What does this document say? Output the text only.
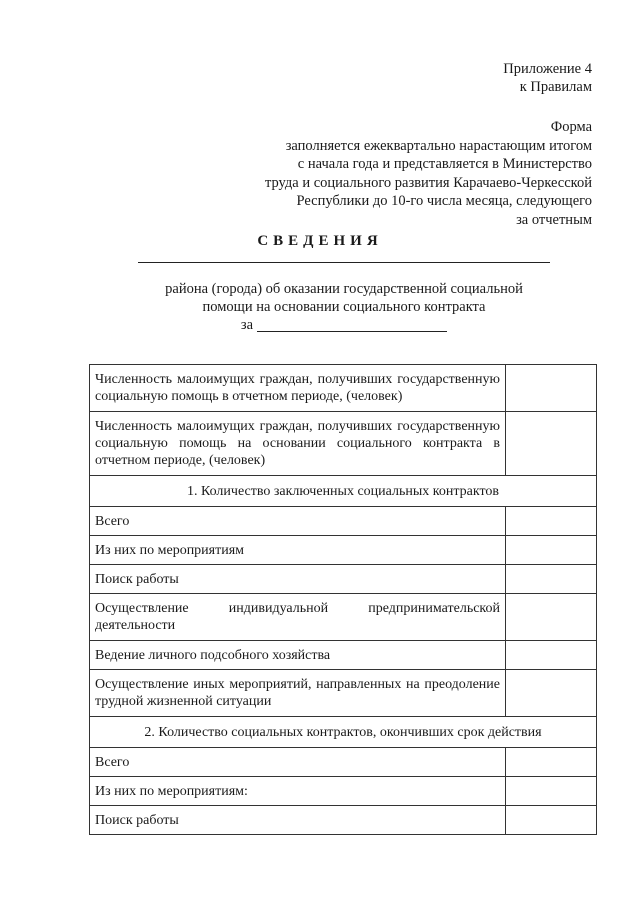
Приложение 4
к Правилам
Форма
заполняется ежеквартально нарастающим итогом
с начала года и представляется в Министерство
труда и социального развития Карачаево-Черкесской
Республики до 10-го числа месяца, следующего
за отчетным
СВЕДЕНИЯ
района (города) об оказании государственной социальной
помощи на основании социального контракта
за
Численность малоимущих граждан, получивших государственную социальную помощь в отчетном периоде, (человек)	
Численность малоимущих граждан, получивших государственную социальную помощь на основании социального контракта в отчетном периоде, (человек)	
1. Количество заключенных социальных контрактов	
Всего	
Из них по мероприятиям	
Поиск работы	
Осуществление индивидуальной предпринимательской деятельности	
Ведение личного подсобного хозяйства	
Осуществление иных мероприятий, направленных на преодоление трудной жизненной ситуации	
2. Количество социальных контрактов, окончивших срок действия	
Всего	
Из них по мероприятиям:	
Поиск работы	
